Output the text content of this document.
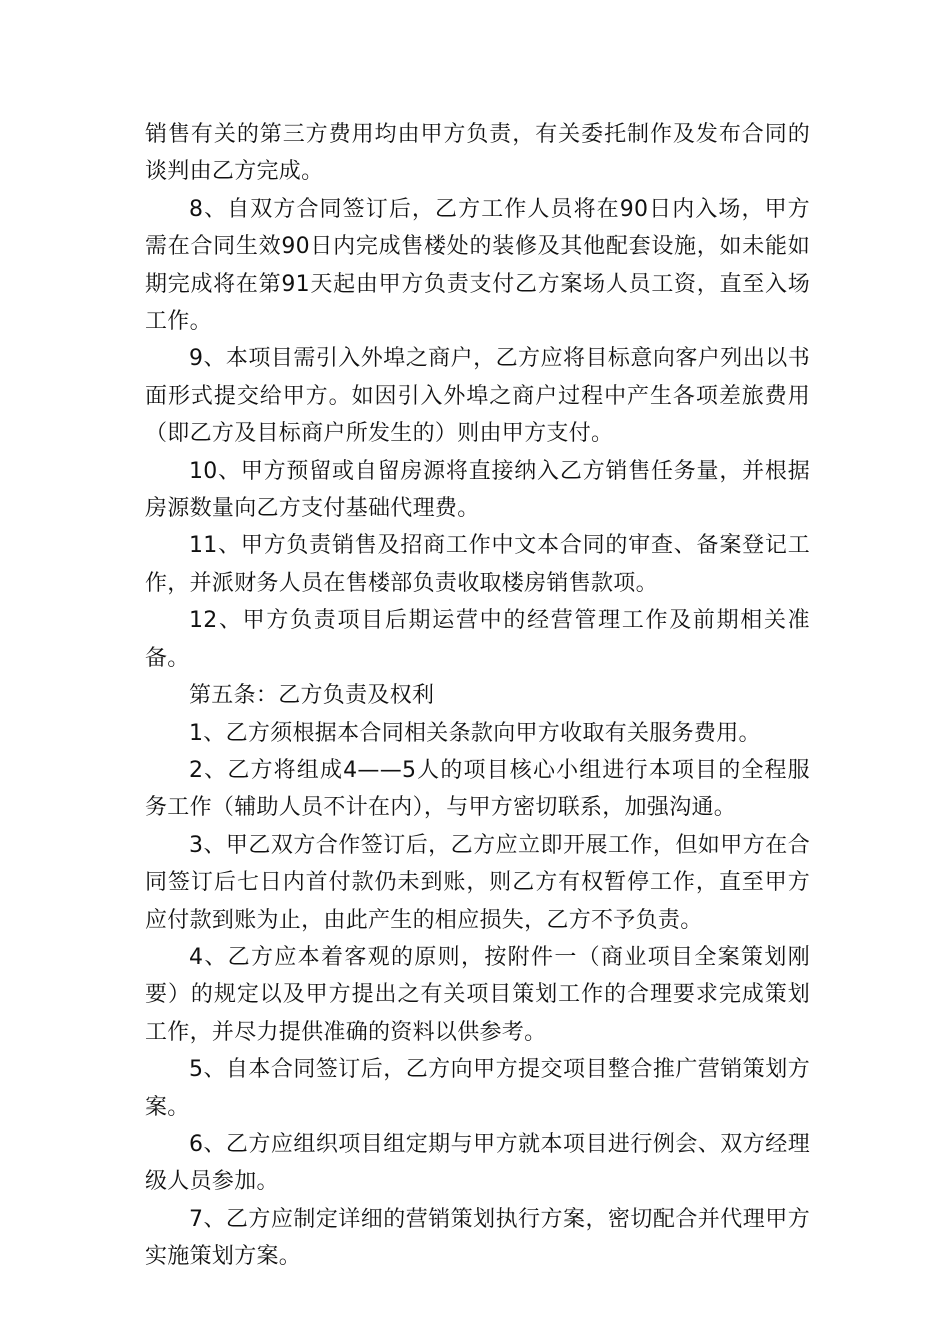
销售有关的第三方费用均由甲方负责，有关委托制作及发布合同的谈判由乙方完成。

8、自双方合同签订后，乙方工作人员将在90日内入场，甲方需在合同生效90日内完成售楼处的装修及其他配套设施，如未能如期完成将在第91天起由甲方负责支付乙方案场人员工资，直至入场工作。

9、本项目需引入外埠之商户，乙方应将目标意向客户列出以书面形式提交给甲方。如因引入外埠之商户过程中产生各项差旅费用（即乙方及目标商户所发生的）则由甲方支付。

10、甲方预留或自留房源将直接纳入乙方销售任务量，并根据房源数量向乙方支付基础代理费。

11、甲方负责销售及招商工作中文本合同的审查、备案登记工作，并派财务人员在售楼部负责收取楼房销售款项。

12、甲方负责项目后期运营中的经营管理工作及前期相关准备。

第五条：乙方负责及权利

1、乙方须根据本合同相关条款向甲方收取有关服务费用。

2、乙方将组成4——5人的项目核心小组进行本项目的全程服务工作（辅助人员不计在内），与甲方密切联系，加强沟通。

3、甲乙双方合作签订后，乙方应立即开展工作，但如甲方在合同签订后七日内首付款仍未到账，则乙方有权暂停工作，直至甲方应付款到账为止，由此产生的相应损失，乙方不予负责。

4、乙方应本着客观的原则，按附件一（商业项目全案策划刚要）的规定以及甲方提出之有关项目策划工作的合理要求完成策划工作，并尽力提供准确的资料以供参考。

5、自本合同签订后，乙方向甲方提交项目整合推广营销策划方案。

6、乙方应组织项目组定期与甲方就本项目进行例会、双方经理级人员参加。

7、乙方应制定详细的营销策划执行方案，密切配合并代理甲方实施策划方案。
